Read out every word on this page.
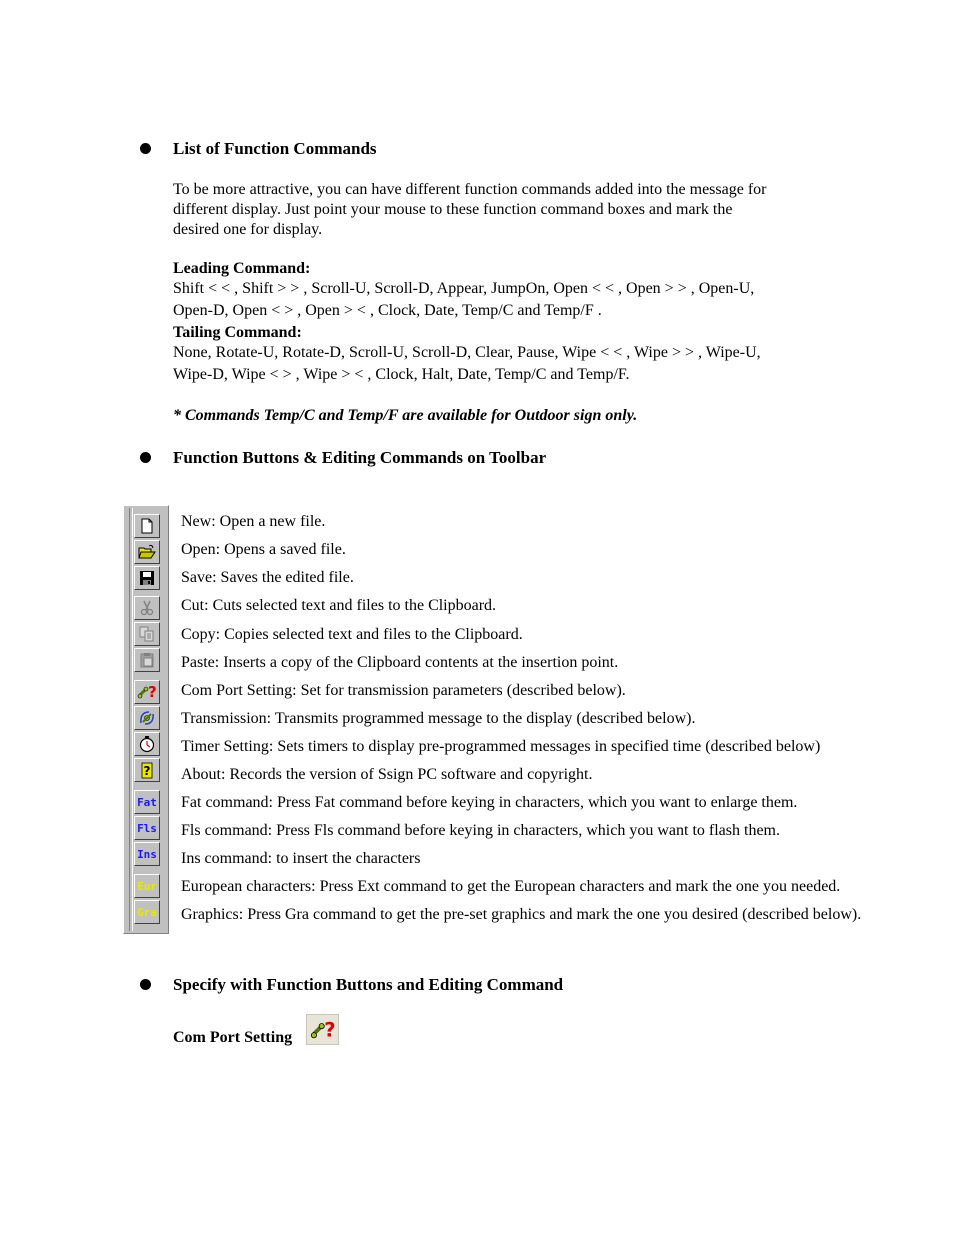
List of Function Commands
To be more attractive, you can have different function commands added into the message for
different display. Just point your mouse to these function command boxes and mark the
desired one for display.
Leading Command:
Shift < < , Shift > > , Scroll-U, Scroll-D, Appear, JumpOn, Open < < , Open > > , Open-U,
Open-D, Open < > , Open > < , Clock, Date, Temp/C and Temp/F .
Tailing Command:
None, Rotate-U, Rotate-D, Scroll-U, Scroll-D, Clear, Pause, Wipe < < , Wipe > > , Wipe-U,
Wipe-D, Wipe < > , Wipe > < , Clock, Halt, Date, Temp/C and Temp/F.
* Commands Temp/C and Temp/F are available for Outdoor sign only.
Function Buttons & Editing Commands on Toolbar
?
?
Fat
Fls
Ins
Eur
Gra
New: Open a new file.
Open: Opens a saved file.
Save: Saves the edited file.
Cut: Cuts selected text and files to the Clipboard.
Copy: Copies selected text and files to the Clipboard.
Paste: Inserts a copy of the Clipboard contents at the insertion point.
Com Port Setting: Set for transmission parameters (described below).
Transmission: Transmits programmed message to the display (described below).
Timer Setting: Sets timers to display pre-programmed messages in specified time (described below)
About: Records the version of Ssign PC software and copyright.
Fat command: Press Fat command before keying in characters, which you want to enlarge them.
Fls command: Press Fls command before keying in characters, which you want to flash them.
Ins command: to insert the characters
European characters: Press Ext command to get the European characters and mark the one you needed.
Graphics: Press Gra command to get the pre-set graphics and mark the one you desired (described below).
Specify with Function Buttons and Editing Command
Com Port Setting ?
